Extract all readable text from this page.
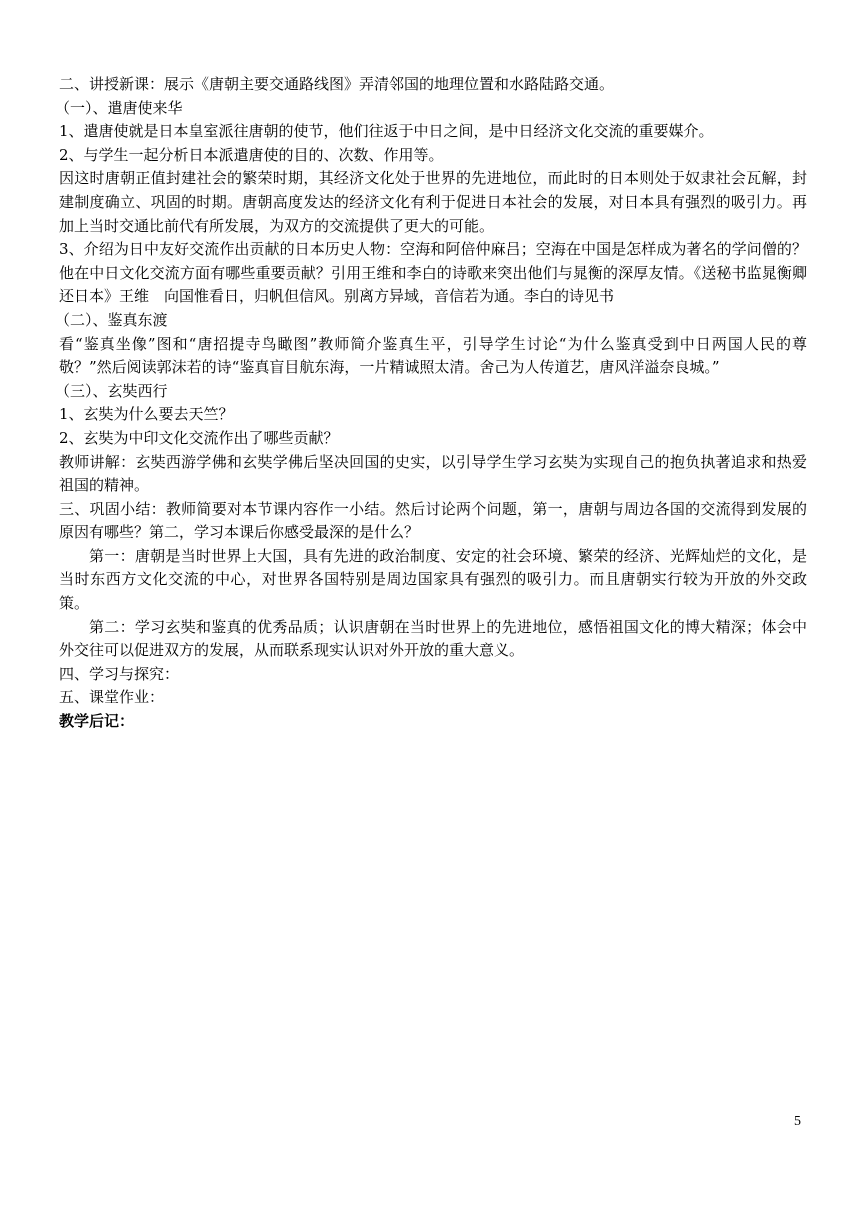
二、讲授新课：展示《唐朝主要交通路线图》弄清邻国的地理位置和水路陆路交通。

（一）、遣唐使来华

1、遣唐使就是日本皇室派往唐朝的使节，他们往返于中日之间，是中日经济文化交流的重要媒介。

2、与学生一起分析日本派遣唐使的目的、次数、作用等。

因这时唐朝正值封建社会的繁荣时期，其经济文化处于世界的先进地位，而此时的日本则处于奴隶社会瓦解，封建制度确立、巩固的时期。唐朝高度发达的经济文化有利于促进日本社会的发展，对日本具有强烈的吸引力。再加上当时交通比前代有所发展，为双方的交流提供了更大的可能。

3、介绍为日中友好交流作出贡献的日本历史人物：空海和阿倍仲麻吕；空海在中国是怎样成为著名的学问僧的？他在中日文化交流方面有哪些重要贡献？引用王维和李白的诗歌来突出他们与晁衡的深厚友情。《送秘书监晁衡卿还日本》王维　向国惟看日，归帆但信风。别离方异域，音信若为通。李白的诗见书

（二）、鉴真东渡

看“鉴真坐像”图和“唐招提寺鸟瞰图”教师简介鉴真生平，引导学生讨论“为什么鉴真受到中日两国人民的尊敬？”然后阅读郭沫若的诗“鉴真盲目航东海，一片精诚照太清。舍己为人传道艺，唐风洋溢奈良城。”

（三）、玄奘西行

1、玄奘为什么要去天竺？

2、玄奘为中印文化交流作出了哪些贡献？

教师讲解：玄奘西游学佛和玄奘学佛后坚决回国的史实，以引导学生学习玄奘为实现自己的抱负执著追求和热爱祖国的精神。

三、巩固小结：教师简要对本节课内容作一小结。然后讨论两个问题，第一，唐朝与周边各国的交流得到发展的原因有哪些？第二，学习本课后你感受最深的是什么？

第一：唐朝是当时世界上大国，具有先进的政治制度、安定的社会环境、繁荣的经济、光辉灿烂的文化，是当时东西方文化交流的中心，对世界各国特别是周边国家具有强烈的吸引力。而且唐朝实行较为开放的外交政策。

第二：学习玄奘和鉴真的优秀品质；认识唐朝在当时世界上的先进地位，感悟祖国文化的博大精深；体会中外交往可以促进双方的发展，从而联系现实认识对外开放的重大意义。

四、学习与探究：

五、课堂作业：

教学后记：

5
